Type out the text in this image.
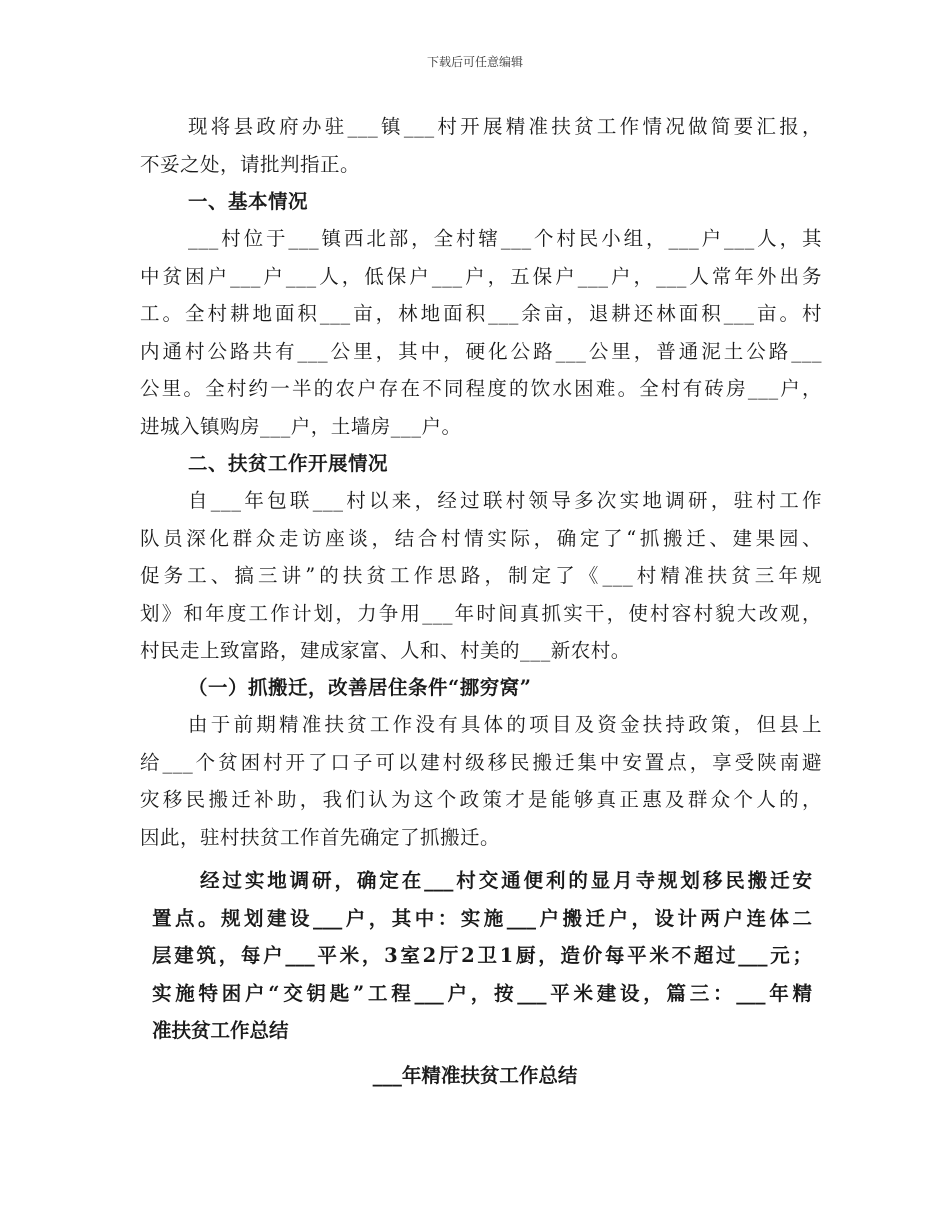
下载后可任意编辑
现将县政府办驻___镇___村开展精准扶贫工作情况做简要汇报，
不妥之处，请批判指正。
一、基本情况
___村位于___镇西北部，全村辖___个村民小组，___户___人，其
中贫困户___户___人，低保户___户，五保户___户，___人常年外出务
工。全村耕地面积___亩，林地面积___余亩，退耕还林面积___亩。村
内通村公路共有___公里，其中，硬化公路___公里，普通泥土公路___
公里。全村约一半的农户存在不同程度的饮水困难。全村有砖房___户，
进城入镇购房___户，土墙房___户。
二、扶贫工作开展情况
自___年包联___村以来，经过联村领导多次实地调研，驻村工作
队员深化群众走访座谈，结合村情实际，确定了“抓搬迁、建果园、
促务工、搞三讲”的扶贫工作思路，制定了《___村精准扶贫三年规
划》和年度工作计划，力争用___年时间真抓实干，使村容村貌大改观，
村民走上致富路，建成家富、人和、村美的___新农村。
（一）抓搬迁，改善居住条件“挪穷窝”
由于前期精准扶贫工作没有具体的项目及资金扶持政策，但县上
给___个贫困村开了口子可以建村级移民搬迁集中安置点，享受陕南避
灾移民搬迁补助，我们认为这个政策才是能够真正惠及群众个人的，
因此，驻村扶贫工作首先确定了抓搬迁。
经过实地调研，确定在___村交通便利的显月寺规划移民搬迁安
置点。规划建设___户，其中：实施___户搬迁户，设计两户连体二
层建筑，每户___平米，3室2厅2卫1厨，造价每平米不超过___元；
实施特困户“交钥匙”工程___户，按___平米建设，篇三：___年精
准扶贫工作总结
___年精准扶贫工作总结
